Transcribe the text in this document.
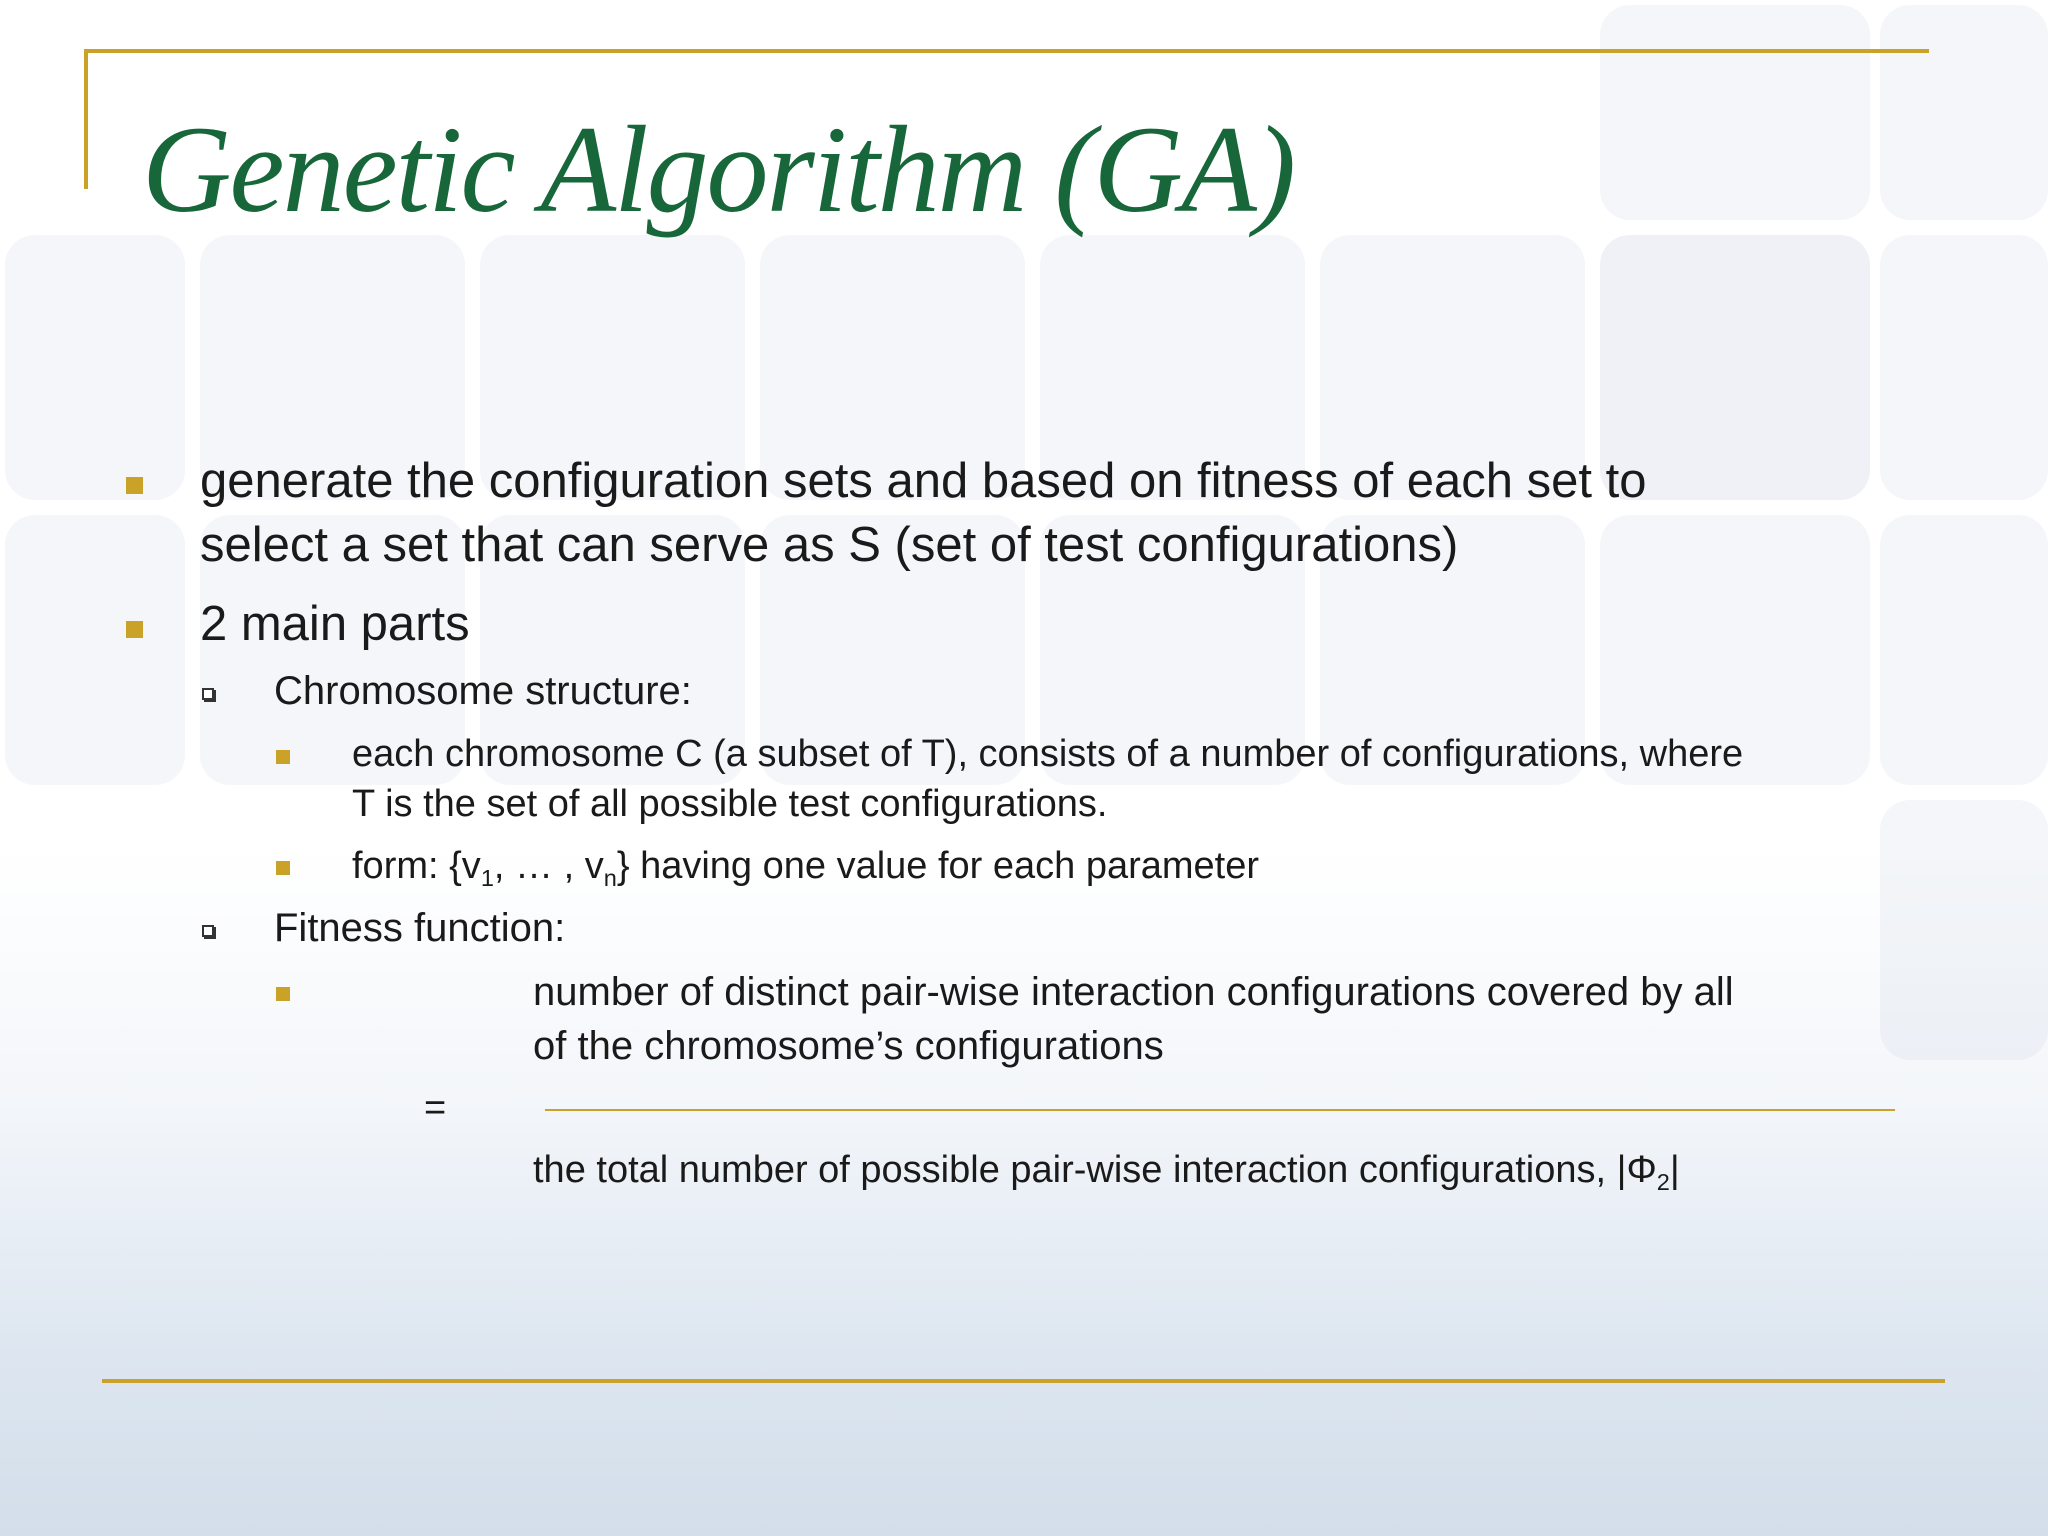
Genetic Algorithm (GA)
generate the configuration sets and based on fitness of each set to
select a set that can serve as S (set of test configurations)
2 main parts
Chromosome structure:
each chromosome C (a subset of T), consists of a number of configurations, where
T is the set of all possible test configurations.
form: {$v_1$, … , $v_n$} having one value for each parameter
Fitness function:
number of distinct pair-wise interaction configurations covered by all
of the chromosome’s configurations
=
the total number of possible pair-wise interaction configurations, $|\Phi_2|$
